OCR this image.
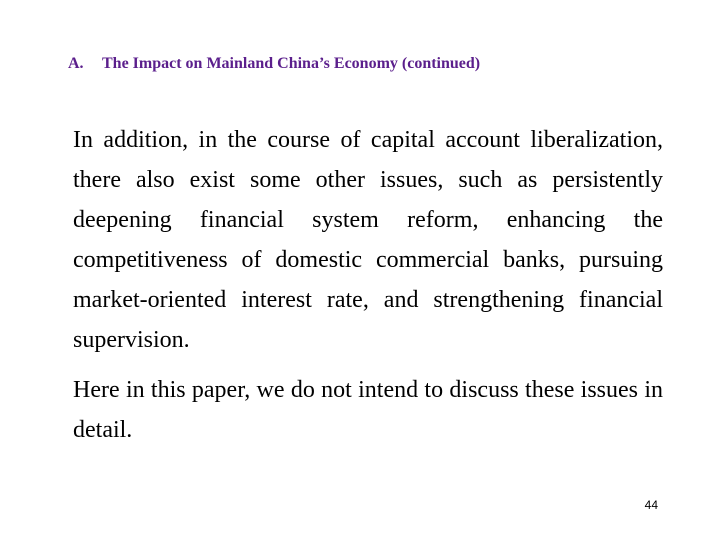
A. The Impact on Mainland China’s Economy (continued)

In addition, in the course of capital account liberalization, there also exist some other issues, such as persistently deepening financial system reform, enhancing the competitiveness of domestic commercial banks, pursuing market-oriented interest rate, and strengthening financial supervision.

Here in this paper, we do not intend to discuss these issues in detail.

44
